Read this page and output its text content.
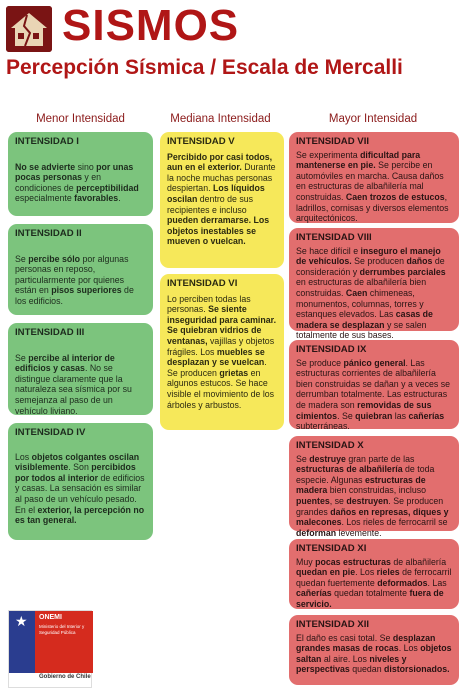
SISMOS
Percepción Sísmica / Escala de Mercalli
Menor Intensidad	Mediana Intensidad	Mayor Intensidad
INTENSIDAD I
No se advierte sino por unas pocas personas y en condiciones de perceptibilidad especialmente favorables.
INTENSIDAD II
Se percibe sólo por algunas personas en reposo, particularmente por quienes están en pisos superiores de los edificios.
INTENSIDAD III
Se percibe al interior de edificios y casas. No se distingue claramente que la naturaleza sea sísmica por su semejanza al paso de un vehículo liviano.
INTENSIDAD IV
Los objetos colgantes oscilan visiblemente. Son percibidos por todos al interior de edificios y casas. La sensación es similar al paso de un vehículo pesado. En el exterior, la percepción no es tan general.
INTENSIDAD V
Percibido por casi todos, aun en el exterior. Durante la noche muchas personas despiertan. Los líquidos oscilan dentro de sus recipientes e incluso pueden derramarse. Los objetos inestables se mueven o vuelcan.
INTENSIDAD VI
Lo perciben todas las personas. Se siente inseguridad para caminar. Se quiebran vidrios de ventanas, vajillas y objetos frágiles. Los muebles se desplazan y se vuelcan. Se producen grietas en algunos estucos. Se hace visible el movimiento de los árboles y arbustos.
INTENSIDAD VII
Se experimenta dificultad para mantenerse en pie. Se percibe en automóviles en marcha. Causa daños en estructuras de albañilería mal construidas. Caen trozos de estucos, ladrillos, cornisas y diversos elementos arquitectónicos.
INTENSIDAD VIII
Se hace difícil e inseguro el manejo de vehículos. Se producen daños de consideración y derrumbes parciales en estructuras de albañilería bien construidas. Caen chimeneas, monumentos, columnas, torres y estanques elevados. Las casas de madera se desplazan y se salen totalmente de sus bases.
INTENSIDAD IX
Se produce pánico general. Las estructuras corrientes de albañilería bien construidas se dañan y a veces se derrumban totalmente. Las estructuras de madera son removidas de sus cimientos. Se quiebran las cañerías subterráneas.
INTENSIDAD X
Se destruye gran parte de las estructuras de albañilería de toda especie. Algunas estructuras de madera bien construidas, incluso puentes, se destruyen. Se producen grandes daños en represas, diques y malecones. Los rieles de ferrocarril se deforman levemente.
INTENSIDAD XI
Muy pocas estructuras de albañilería quedan en pie. Los rieles de ferrocarril quedan fuertemente deformados. Las cañerías quedan totalmente fuera de servicio.
INTENSIDAD XII
El daño es casi total. Se desplazan grandes masas de rocas. Los objetos saltan al aire. Los niveles y perspectivas quedan distorsionados.
★ ONEMI
Ministerio del Interior y Seguridad Pública
Gobierno de Chile
